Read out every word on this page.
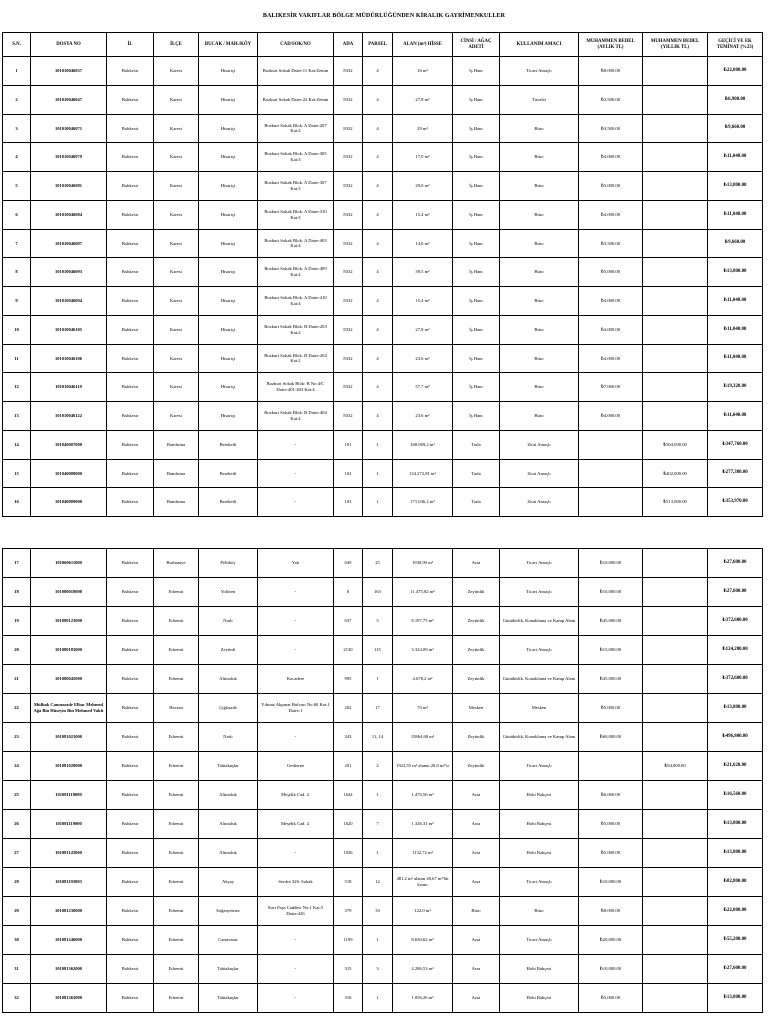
BALIKESİR VAKIFLAR BÖLGE MÜDÜRLÜĞÜNDEN KİRALIK GAYRİMENKULLER
S.N.	DOSYA NO	İL	İLÇE	BUCAK / MAH./KÖY	CAD/SOK/NO	ADA	PARSEL	ALAN (m²) HİSSE	CİNSİ / AĞAÇ ADETİ	KULLANIM AMACI	MUHAMMEN BEDEL (AYLIK TL)	MUHAMMEN BEDEL (YILLIK TL)	GEÇİCİ VE EK TEMİNAT (%23)
1	101010046037	Balıkesir	Karesi	Hisariçi	Bozkurt Sokak Daire:11 Kat:Zemin	8332	4	16 m²	İş Hanı	Ticari Amaçlı	₺8,000.00		₺22,080.00
2	101010046047	Balıkesir	Karesi	Hisariçi	Bozkurt Sokak Daire:22 Kat:Zemin	8332	4	27,8 m²	İş Hanı	Tuvalet	₺2,500.00		₺6,900.00
3	101010046071	Balıkesir	Karesi	Hisariçi	Bozkurt Sokak Blok: A Daire:207 Kat:2	8332	4	29 m²	İş Hanı	Büro	₺3,500.00		₺9,660.00
4	101010046079	Balıkesir	Karesi	Hisariçi	Bozkurt Sokak Blok: A Daire:305 Kat:3	8332	4	17,0 m²	İş Hanı	Büro	₺4,000.00		₺11,040.00
5	101010046081	Balıkesir	Karesi	Hisariçi	Bozkurt Sokak Blok: A Daire:307 Kat:3	8332	4	29,0 m²	İş Hanı	Büro	₺5,000.00		₺13,800.00
6	101010046084	Balıkesir	Karesi	Hisariçi	Bozkurt Sokak Blok: A Daire:310 Kat:3	8332	4	15,4 m²	İş Hanı	Büro	₺4,000.00		₺11,040.00
7	101010046087	Balıkesir	Karesi	Hisariçi	Bozkurt Sokak Blok: A Daire:403 Kat:4	8332	4	14,0 m²	İş Hanı	Büro	₺3,500.00		₺9,660.00
8	101010046093	Balıkesir	Karesi	Hisariçi	Bozkurt Sokak Blok: A Daire:409 Kat:4	8332	4	39,5 m²	İş Hanı	Büro	₺5,000.00		₺13,800.00
9	101010046094	Balıkesir	Karesi	Hisariçi	Bozkurt Sokak Blok: A Daire:410 Kat:4	8332	4	15,4 m²	İş Hanı	Büro	₺4,000.00		₺11,040.00
10	101010046105	Balıkesir	Karesi	Hisariçi	Bozkurt Sokak Blok: B Daire:203 Kat:2	8332	4	27,8 m²	İş Hanı	Büro	₺4,000.00		₺11,040.00
11	101010046106	Balıkesir	Karesi	Hisariçi	Bozkurt Sokak Blok: B Daire:204 Kat:2	8332	4	23,6 m²	İş Hanı	Büro	₺4,000.00		₺11,040.00
12	101010046119	Balıkesir	Karesi	Hisariçi	Bozkurt Sokak Blok: B No:4/C Daire:401-403 Kat:4	8332	4	57,7 m²	İş Hanı	Büro	₺7,000.00		₺19,320.00
13	101010046122	Balıkesir	Karesi	Hisariçi	Bozkurt Sokak Blok: B Daire:404 Kat:4	8332	4	23,6 m²	İş Hanı	Büro	₺4,000.00		₺11,040.00
14	101040007000	Balıkesir	Bandırma	Bereketli	-	101	1	168.069,2 m²	Tarla	Zirai Amaçlı		₺504,000.00	₺347,760.00
15	101040008000	Balıkesir	Bandırma	Bereketli	-	102	1	134.272,81 m²	Tarla	Zirai Amaçlı		₺402,000.00	₺277,380.00
16	101040009000	Balıkesir	Bandırma	Bereketli	-	103	1	171.036,2 m²	Tarla	Zirai Amaçlı		₺513,000.00	₺353,970.00
17	101060611000	Balıkesir	Burhaniye	Pelitköy	Yalı	649	25	1930,90 m²	Arsa	Ticari Amaçlı	₺10,000.00		₺27,600.00
18	101080018000	Balıkesir	Edremit	Yolören	-	0	163	11.475,82 m²	Zeytinlik	Ticari Amaçlı	₺10,000.00		₺27,600.00
19	101080123000	Balıkesir	Edremit	Narlı	-	637	5	8.197,75 m²	Zeytinlik	Günübirlik, Konaklama ve Kamp Alanı	₺45,000.00		₺372,600.00
20	101080183000	Balıkesir	Edremit	Zeytinli	-	2130	115	3.324,09 m²	Zeytinlik	Ticari Amaçlı	₺15,000.00		₺124,200.00
21	101080045000	Balıkesir	Edremit	Altınoluk	Kocadere	995	1	4.678,2 m²	Zeytinlik	Günübirlik, Konaklama ve Kamp Alanı	₺45,000.00		₺372,600.00
22	Mülhak Camuzzade Elhac Mehmed Ağa Bin Hüseyin Bin Mehmed Vakfı	Balıkesir	Havran	Çiğitzade	Yılmaz Akpınar Bulvarı No:60 Kat:1 Daire:1	202	17	70 m²	Mesken	Mesken	₺5,000.00		₺13,800.00
23	101081021000	Balıkesir	Edremit	Narlı	-	343	11, 14	15864,68 m²	Zeytinlik	Günübirlik, Konaklama ve Kamp Alanı	₺60,000.00		₺496,800.00
24	101081028000	Balıkesir	Edremit	Tahtakuşlar	Gesherne	201	2	1922,55 m² alanın 20,0 m²'si	Zeytinlik	Ticari Amaçlı		₺94,000.00	₺21,620.00
25	101081118000	Balıkesir	Edremit	Altınoluk	Meşelik Cad. 2.	1644	1	1.476,56 m²	Arsa	Hobi Bahçesi	₺6,000.00		₺16,560.00
26	101081119000	Balıkesir	Edremit	Altınoluk	Meşelik Cad. 2.	1620	7	1.326,31 m²	Arsa	Hobi Bahçesi	₺5,000.00		₺13,800.00
27	101081143000	Balıkesir	Edremit	Altınoluk	-	1026	1	1132,72 m²	Arsa	Hobi Bahçesi	₺5,000.00		₺13,800.00
28	101081193003	Balıkesir	Edremit	Akçay	Serdce 326. Sokak	518	12	481,2 m² alanın 40,67 m²'lik kısmı	Arsa	Ticari Amaçlı	₺10,000.00		₺82,800.00
29	101081230000	Balıkesir	Edremit	Soğanyemez	Sırrı Paşa Caddesi No:1 Kat:5 Daire:426	379	33	122,0 m²	Büro	Büro	₺8,000.00		₺22,080.00
30	101081246000	Balıkesir	Edremit	Camivasat	-	1199	1	8.650,62 m²	Arsa	Ticari Amaçlı	₺20,000.00		₺55,200.00
31	101081362000	Balıkesir	Edremit	Tahtakuşlar	-	315	3	4.286,53 m²	Arsa	Hobi Bahçesi	₺10,000.00		₺27,600.00
32	101081363000	Balıkesir	Edremit	Tahtakuşlar	-	316	1	1.056,26 m²	Arsa	Hobi Bahçesi	₺5,000.00		₺13,800.00
